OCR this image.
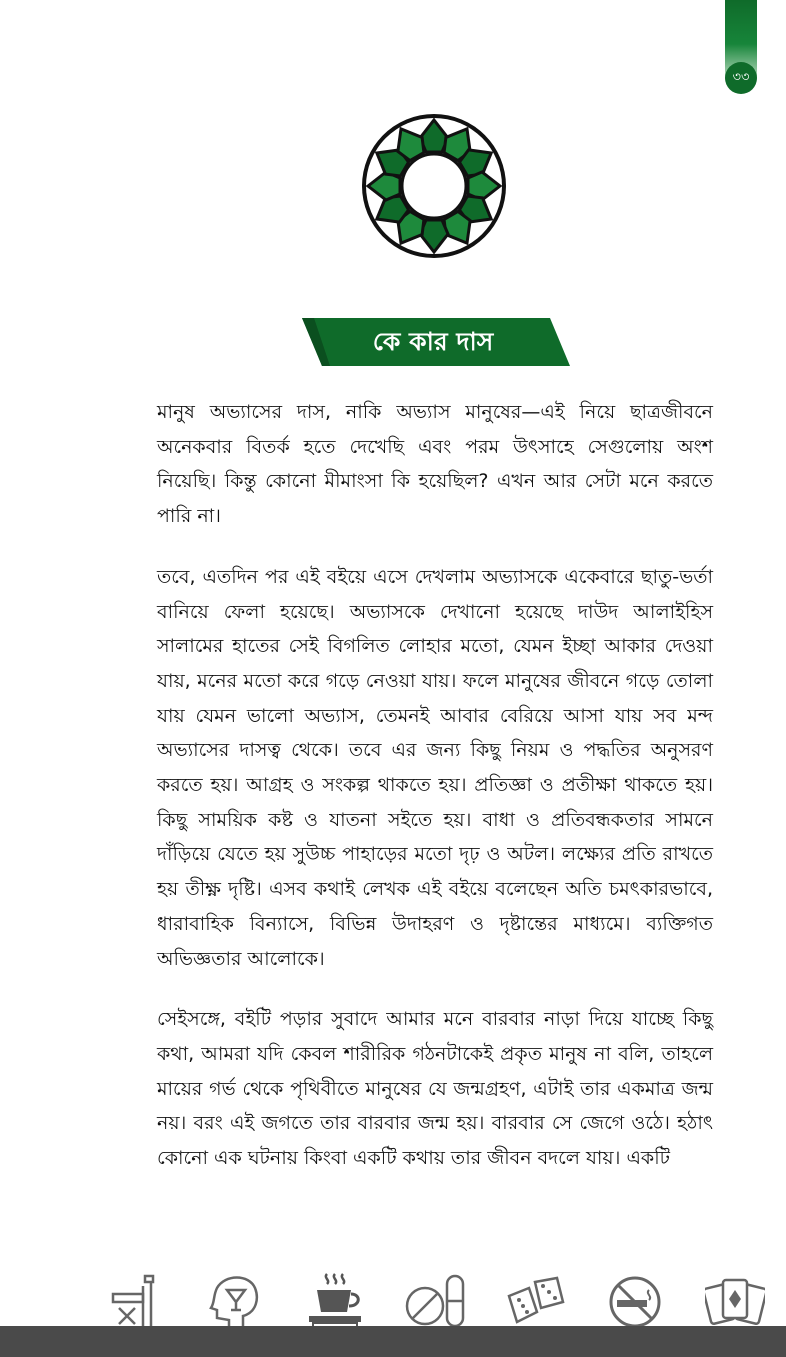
৩৩
কে কার দাস

মানুষ অভ্যাসের দাস, নাকি অভ্যাস মানুষের—এই নিয়ে ছাত্রজীবনে অনেকবার বিতর্ক হতে দেখেছি এবং পরম উৎসাহে সেগুলোয় অংশ নিয়েছি। কিন্তু কোনো মীমাংসা কি হয়েছিল? এখন আর সেটা মনে করতে পারি না।

তবে, এতদিন পর এই বইয়ে এসে দেখলাম অভ্যাসকে একেবারে ছাতু-ভর্তা বানিয়ে ফেলা হয়েছে। অভ্যাসকে দেখানো হয়েছে দাউদ আলাইহিস সালামের হাতের সেই বিগলিত লোহার মতো, যেমন ইচ্ছা আকার দেওয়া যায়, মনের মতো করে গড়ে নেওয়া যায়। ফলে মানুষের জীবনে গড়ে তোলা যায় যেমন ভালো অভ্যাস, তেমনই আবার বেরিয়ে আসা যায় সব মন্দ অভ্যাসের দাসত্ব থেকে। তবে এর জন্য কিছু নিয়ম ও পদ্ধতির অনুসরণ করতে হয়। আগ্রহ ও সংকল্প থাকতে হয়। প্রতিজ্ঞা ও প্রতীক্ষা থাকতে হয়। কিছু সাময়িক কষ্ট ও যাতনা সইতে হয়। বাধা ও প্রতিবন্ধকতার সামনে দাঁড়িয়ে যেতে হয় সুউচ্চ পাহাড়ের মতো দৃঢ় ও অটল। লক্ষ্যের প্রতি রাখতে হয় তীক্ষ্ণ দৃষ্টি। এসব কথাই লেখক এই বইয়ে বলেছেন অতি চমৎকারভাবে, ধারাবাহিক বিন্যাসে, বিভিন্ন উদাহরণ ও দৃষ্টান্তের মাধ্যমে। ব্যক্তিগত অভিজ্ঞতার আলোকে।

সেইসঙ্গে, বইটি পড়ার সুবাদে আমার মনে বারবার নাড়া দিয়ে যাচ্ছে কিছু কথা, আমরা যদি কেবল শারীরিক গঠনটাকেই প্রকৃত মানুষ না বলি, তাহলে মায়ের গর্ভ থেকে পৃথিবীতে মানুষের যে জন্মগ্রহণ, এটাই তার একমাত্র জন্ম নয়। বরং এই জগতে তার বারবার জন্ম হয়। বারবার সে জেগে ওঠে। হঠাৎ কোনো এক ঘটনায় কিংবা একটি কথায় তার জীবন বদলে যায়। একটি
